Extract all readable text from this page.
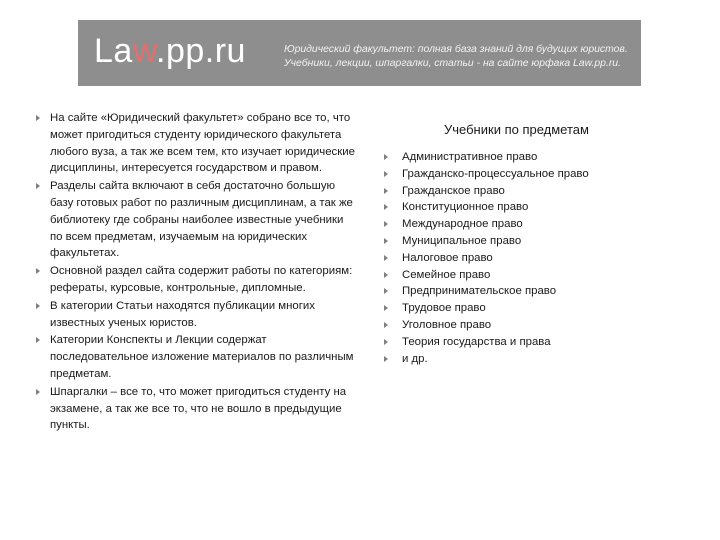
Law.pp.ru	Юридический факультет: полная база знаний для будущих юристов.
Учебники, лекции, шпаргалки, статьи - на сайте юрфака Law.pp.ru.
На сайте «Юридический факультет» собрано все то, что может пригодиться студенту юридического факультета любого вуза, а так же всем тем, кто изучает юридические дисциплины, интересуется государством и правом.
Разделы сайта включают в себя достаточно большую базу готовых работ по различным дисциплинам, а так же библиотеку где собраны наиболее известные учебники по всем предметам, изучаемым на юридических факультетах.
Основной раздел сайта содержит работы по категориям: рефераты, курсовые, контрольные, дипломные.
В категории Статьи находятся публикации многих известных ученых юристов.
Категории Конспекты и Лекции содержат последовательное изложение материалов по различным предметам.
Шпаргалки – все то, что может пригодиться студенту на экзамене, а так же все то, что не вошло в предыдущие пункты.
Учебники по предметам
Административное право
Гражданско-процессуальное право
Гражданское право
Конституционное право
Международное право
Муниципальное право
Налоговое право
Семейное право
Предпринимательское право
Трудовое право
Уголовное право
Теория государства и права
и др.
